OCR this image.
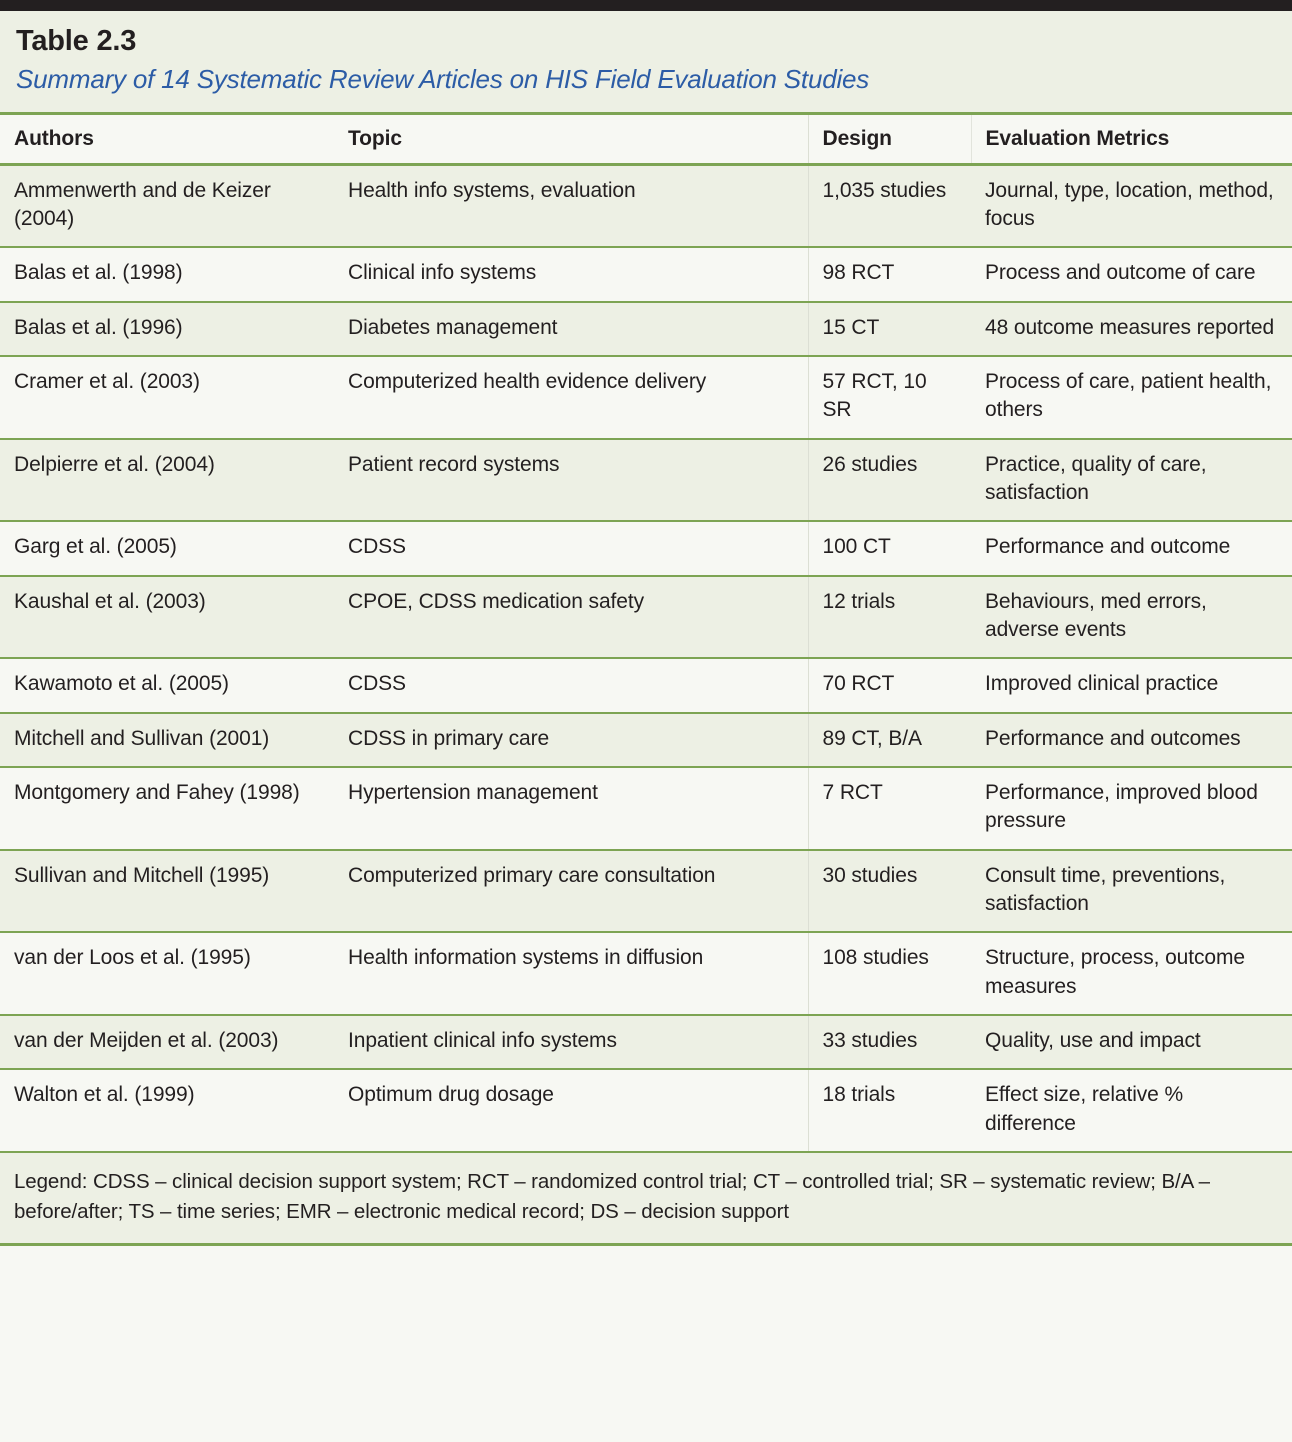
Table 2.3
Summary of 14 Systematic Review Articles on HIS Field Evaluation Studies
Authors	Topic	Design	Evaluation Metrics
Ammenwerth and de Keizer (2004)	Health info systems, evaluation	1,035 studies	Journal, type, location, method, focus
Balas et al. (1998)	Clinical info systems	98 RCT	Process and outcome of care
Balas et al. (1996)	Diabetes management	15 CT	48 outcome measures reported
Cramer et al. (2003)	Computerized health evidence delivery	57 RCT, 10 SR	Process of care, patient health, others
Delpierre et al. (2004)	Patient record systems	26 studies	Practice, quality of care, satisfaction
Garg et al. (2005)	CDSS	100 CT	Performance and outcome
Kaushal et al. (2003)	CPOE, CDSS medication safety	12 trials	Behaviours, med errors, adverse events
Kawamoto et al. (2005)	CDSS	70 RCT	Improved clinical practice
Mitchell and Sullivan (2001)	CDSS in primary care	89 CT, B/A	Performance and outcomes
Montgomery and Fahey (1998)	Hypertension management	7 RCT	Performance, improved blood pressure
Sullivan and Mitchell (1995)	Computerized primary care consultation	30 studies	Consult time, preventions, satisfaction
van der Loos et al. (1995)	Health information systems in diffusion	108 studies	Structure, process, outcome measures
van der Meijden et al. (2003)	Inpatient clinical info systems	33 studies	Quality, use and impact
Walton et al. (1999)	Optimum drug dosage	18 trials	Effect size, relative % difference
Legend: CDSS – clinical decision support system; RCT – randomized control trial; CT – controlled trial; SR – systematic review; B/A – before/after; TS – time series; EMR – electronic medical record; DS – decision support			
